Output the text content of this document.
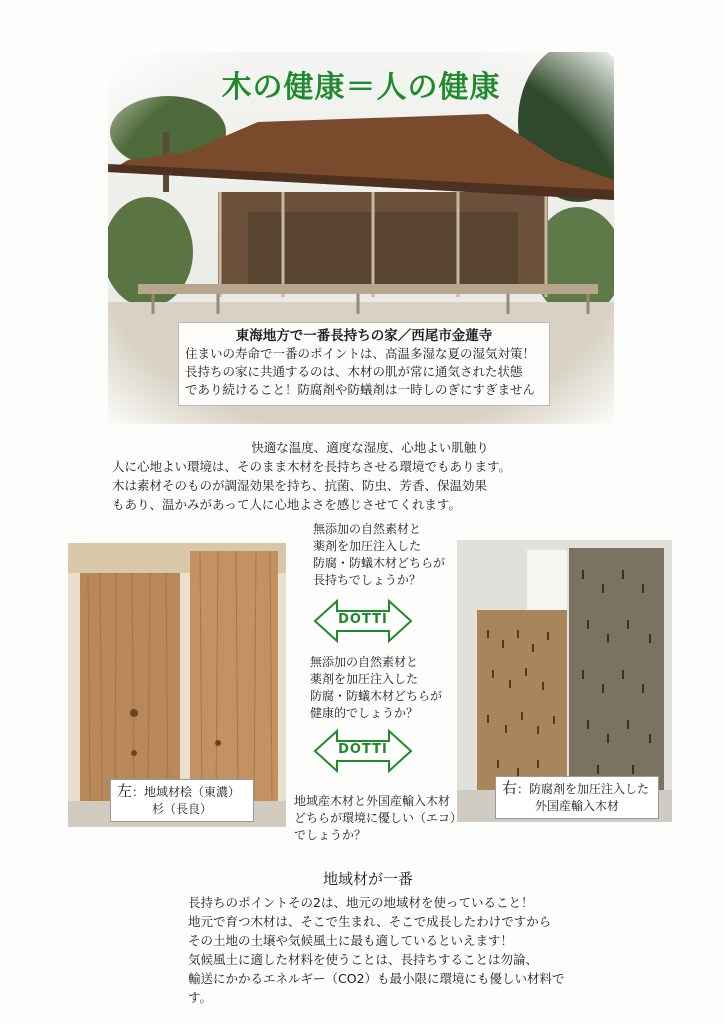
木の健康＝人の健康
東海地方で一番長持ちの家／西尾市金蓮寺
住まいの寿命で一番のポイントは、高温多湿な夏の湿気対策！
長持ちの家に共通するのは、木材の肌が常に通気された状態
であり続けること！防腐剤や防蟻剤は一時しのぎにすぎません
快適な温度、適度な湿度、心地よい肌触り
人に心地よい環境は、そのまま木材を長持ちさせる環境でもあります。
木は素材そのものが調湿効果を持ち、抗菌、防虫、芳香、保温効果
もあり、温かみがあって人に心地よさを感じさせてくれます。
左：地域材桧（東濃）
杉（長良）
右：防腐剤を加圧注入した
外国産輸入木材
無添加の自然素材と
薬剤を加圧注入した
防腐・防蟻木材どちらが
長持ちでしょうか？
DOTTI
無添加の自然素材と
薬剤を加圧注入した
防腐・防蟻木材どちらが
健康的でしょうか？
DOTTI
地域産木材と外国産輸入木材
どちらが環境に優しい（エコ）
でしょうか？
地域材が一番
長持ちのポイントその2は、地元の地域材を使っていること！
地元で育つ木材は、そこで生まれ、そこで成長したわけですから
その土地の土壌や気候風土に最も適しているといえます！
気候風土に適した材料を使うことは、長持ちすることは勿論、
輸送にかかるエネルギー（CO2）も最小限に環境にも優しい材料です。
